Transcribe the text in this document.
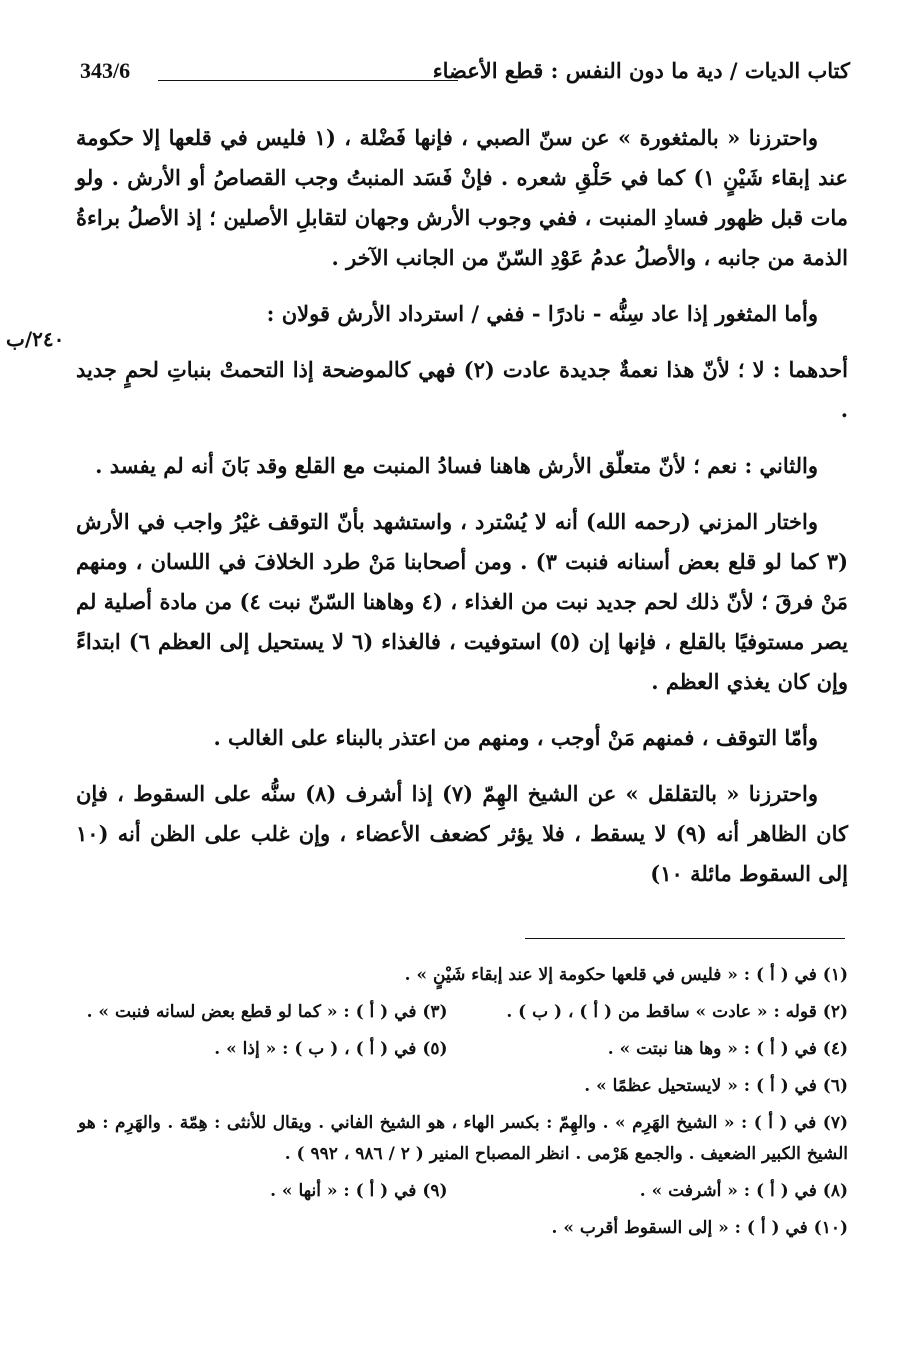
كتاب الديات / دية ما دون النفس : قطع الأعضاء
343/6
٢٤٠/ب

واحترزنا « بالمثغورة » عن سنّ الصبي ، فإنها فَضْلة ، (١ فليس في قلعها إلا حكومة عند إبقاء شَيْنٍ ١) كما في حَلْقِ شعره . فإنْ فَسَد المنبتُ وجب القصاصُ أو الأرش . ولو مات قبل ظهور فسادِ المنبت ، ففي وجوب الأرش وجهان لتقابلِ الأصلين ؛ إذ الأصلُ براءةُ الذمة من جانبه ، والأصلُ عدمُ عَوْدِ السّنّ من الجانب الآخر .

وأما المثغور إذا عاد سِنُّه - نادرًا - ففي / استرداد الأرش قولان :

أحدهما : لا ؛ لأنّ هذا نعمةٌ جديدة عادت (٢) فهي كالموضحة إذا التحمتْ بنباتِ لحمٍ جديد .

والثاني : نعم ؛ لأنّ متعلّق الأرش هاهنا فسادُ المنبت مع القلع وقد بَانَ أنه لم يفسد .

واختار المزني (رحمه الله) أنه لا يُسْترد ، واستشهد بأنّ التوقف غيْرُ واجب في الأرش (٣ كما لو قلع بعض أسنانه فنبت ٣) . ومن أصحابنا مَنْ طرد الخلافَ في اللسان ، ومنهم مَنْ فرقَ ؛ لأنّ ذلك لحم جديد نبت من الغذاء ، (٤ وهاهنا السّنّ نبت ٤) من مادة أصلية لم يصر مستوفيًا بالقلع ، فإنها إن (٥) استوفيت ، فالغذاء (٦ لا يستحيل إلى العظم ٦) ابتداءً وإن كان يغذي العظم .

وأمّا التوقف ، فمنهم مَنْ أوجب ، ومنهم من اعتذر بالبناء على الغالب .

واحترزنا « بالتقلقل » عن الشيخ الهِمّ (٧) إذا أشرف (٨) سنُّه على السقوط ، فإن كان الظاهر أنه (٩) لا يسقط ، فلا يؤثر كضعف الأعضاء ، وإن غلب على الظن أنه (١٠ إلى السقوط مائلة ١٠)

(١) في ( أ ) : « فليس في قلعها حكومة إلا عند إبقاء شَيْنٍ » .

(٢) قوله : « عادت » ساقط من ( أ ) ، ( ب ) .

(٣) في ( أ ) : « كما لو قطع بعض لسانه فنبت » .

(٤) في ( أ ) : « وها هنا نبتت » .

(٥) في ( أ ) ، ( ب ) : « إذا » .

(٦) في ( أ ) : « لايستحيل عظمًا » .

(٧) في ( أ ) : « الشيخ الهَرِم » . والهِمّ : بكسر الهاء ، هو الشيخ الفاني . ويقال للأنثى : هِمّة . والهَرِم : هو الشيخ الكبير الضعيف . والجمع هَرْمى . انظر المصباح المنير ( ٢ / ٩٨٦ ، ٩٩٢ ) .

(٨) في ( أ ) : « أشرفت » .

(٩) في ( أ ) : « أنها » .

(١٠) في ( أ ) : « إلى السقوط أقرب » .
